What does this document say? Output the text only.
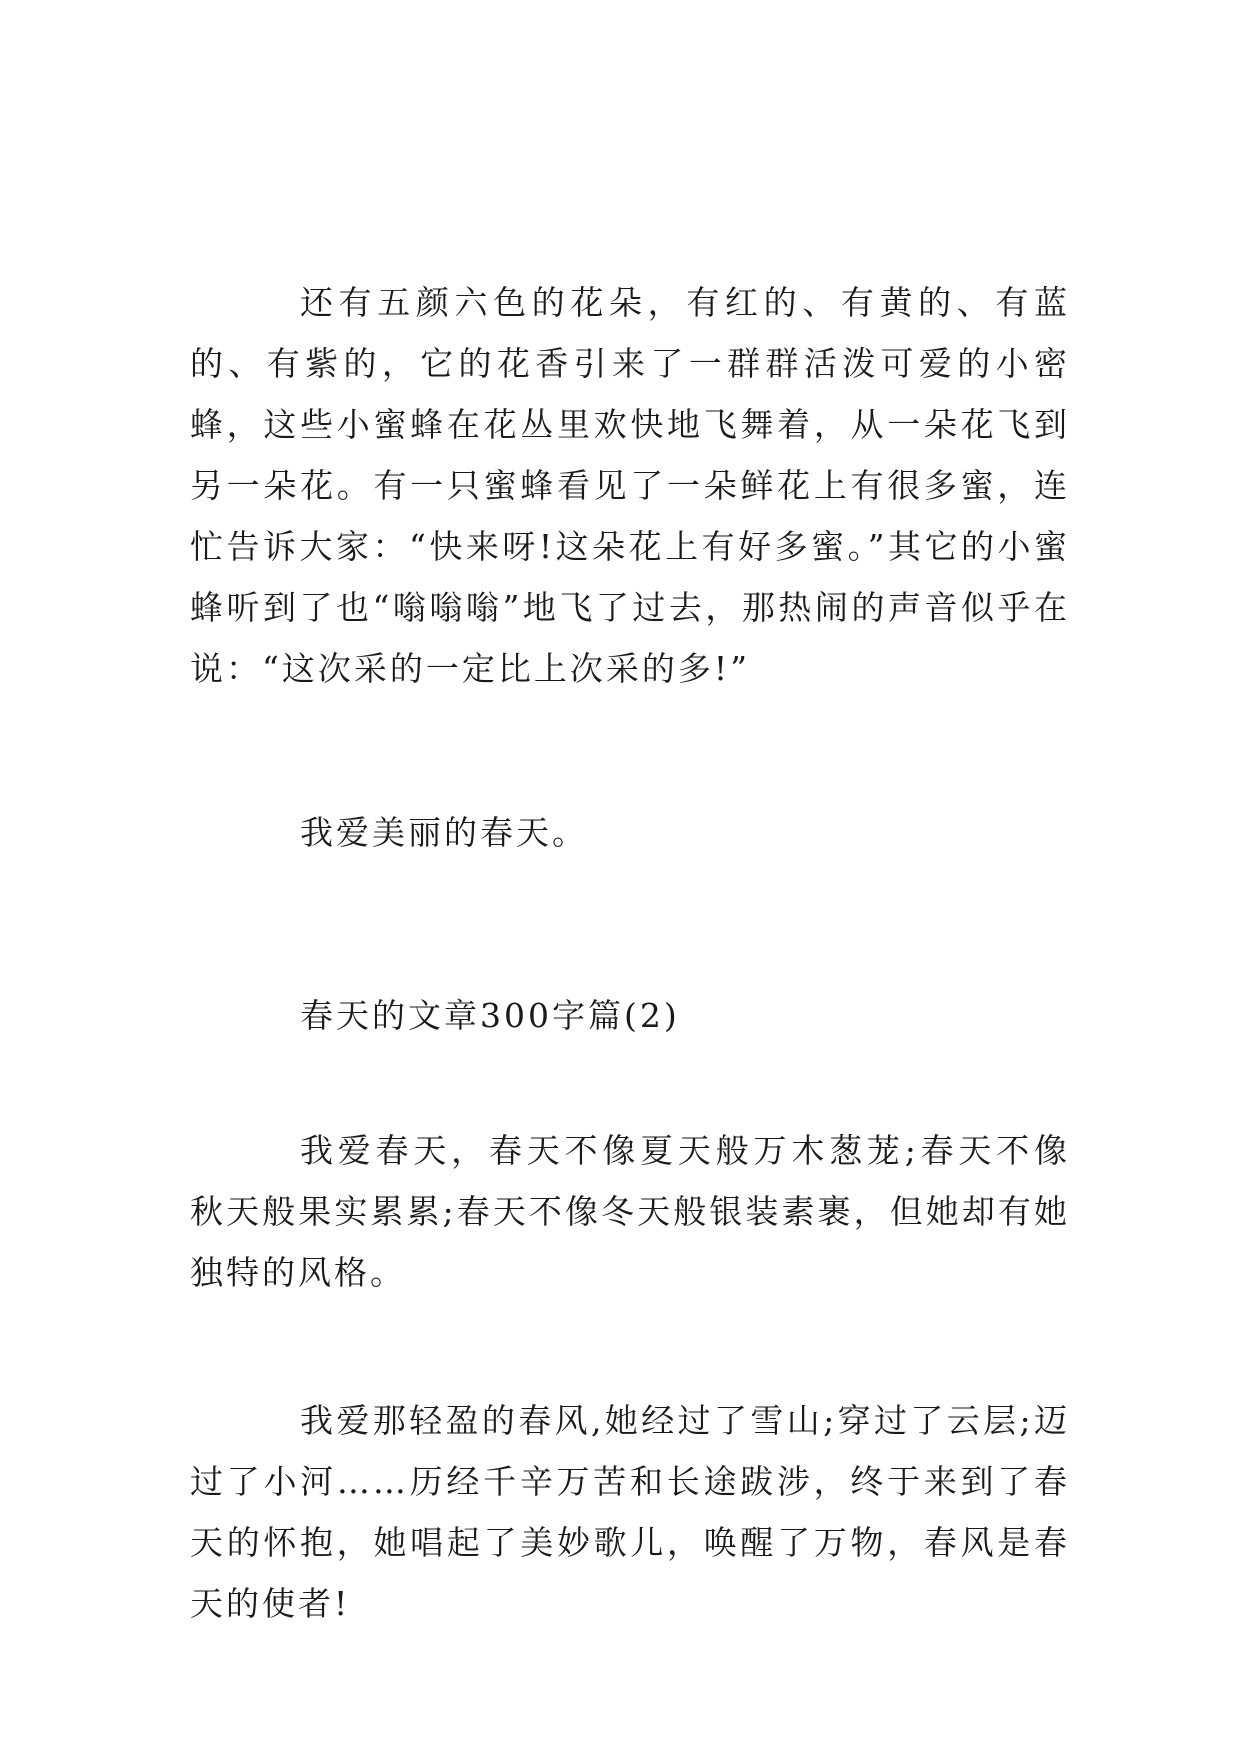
还有五颜六色的花朵，有红的、有黄的、有蓝的、有紫的，它的花香引来了一群群活泼可爱的小密蜂，这些小蜜蜂在花丛里欢快地飞舞着，从一朵花飞到另一朵花。有一只蜜蜂看见了一朵鲜花上有很多蜜，连忙告诉大家：“快来呀!这朵花上有好多蜜。”其它的小蜜蜂听到了也“嗡嗡嗡”地飞了过去，那热闹的声音似乎在说：“这次采的一定比上次采的多!”

我爱美丽的春天。

春天的文章300字篇(2)

我爱春天，春天不像夏天般万木葱茏;春天不像秋天般果实累累;春天不像冬天般银装素裹，但她却有她独特的风格。

我爱那轻盈的春风,她经过了雪山;穿过了云层;迈过了小河……历经千辛万苦和长途跋涉，终于来到了春天的怀抱，她唱起了美妙歌儿，唤醒了万物，春风是春天的使者!
